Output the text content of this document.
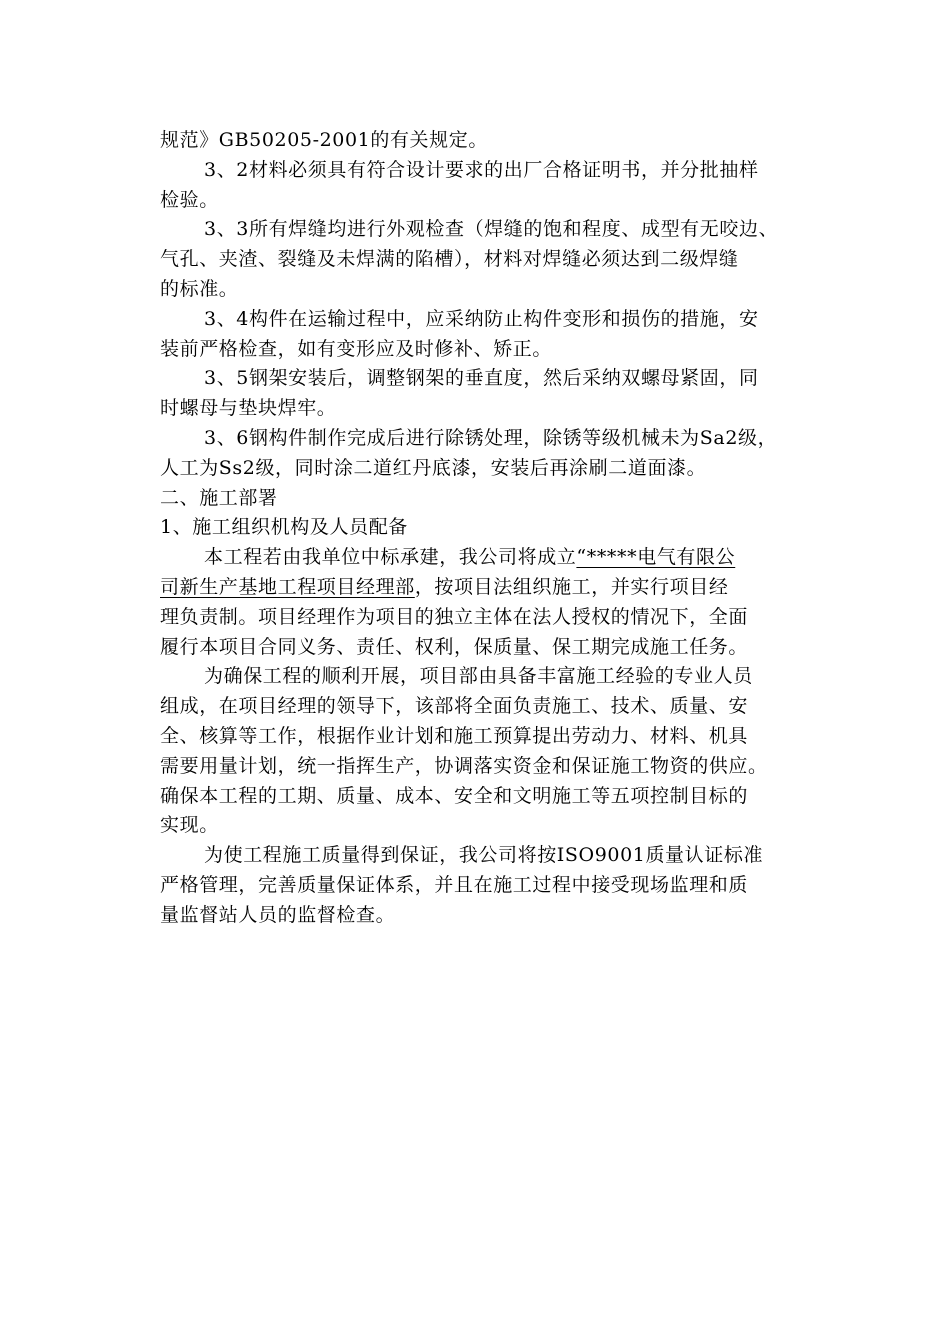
规范》GB50205-2001的有关规定。
3、2材料必须具有符合设计要求的出厂合格证明书，并分批抽样
检验。
3、3所有焊缝均进行外观检查（焊缝的饱和程度、成型有无咬边、
气孔、夹渣、裂缝及未焊满的陷槽），材料对焊缝必须达到二级焊缝
的标准。
3、4构件在运输过程中，应采纳防止构件变形和损伤的措施，安
装前严格检查，如有变形应及时修补、矫正。
3、5钢架安装后，调整钢架的垂直度，然后采纳双螺母紧固，同
时螺母与垫块焊牢。
3、6钢构件制作完成后进行除锈处理，除锈等级机械未为Sa2级，
人工为Ss2级，同时涂二道红丹底漆，安装后再涂刷二道面漆。
二、施工部署
1、施工组织机构及人员配备
本工程若由我单位中标承建，我公司将成立“*****电气有限公
司新生产基地工程项目经理部，按项目法组织施工，并实行项目经
理负责制。项目经理作为项目的独立主体在法人授权的情况下，全面
履行本项目合同义务、责任、权利，保质量、保工期完成施工任务。
为确保工程的顺利开展，项目部由具备丰富施工经验的专业人员
组成，在项目经理的领导下，该部将全面负责施工、技术、质量、安
全、核算等工作，根据作业计划和施工预算提出劳动力、材料、机具
需要用量计划，统一指挥生产，协调落实资金和保证施工物资的供应。
确保本工程的工期、质量、成本、安全和文明施工等五项控制目标的
实现。
为使工程施工质量得到保证，我公司将按ISO9001质量认证标准
严格管理，完善质量保证体系，并且在施工过程中接受现场监理和质
量监督站人员的监督检查。
